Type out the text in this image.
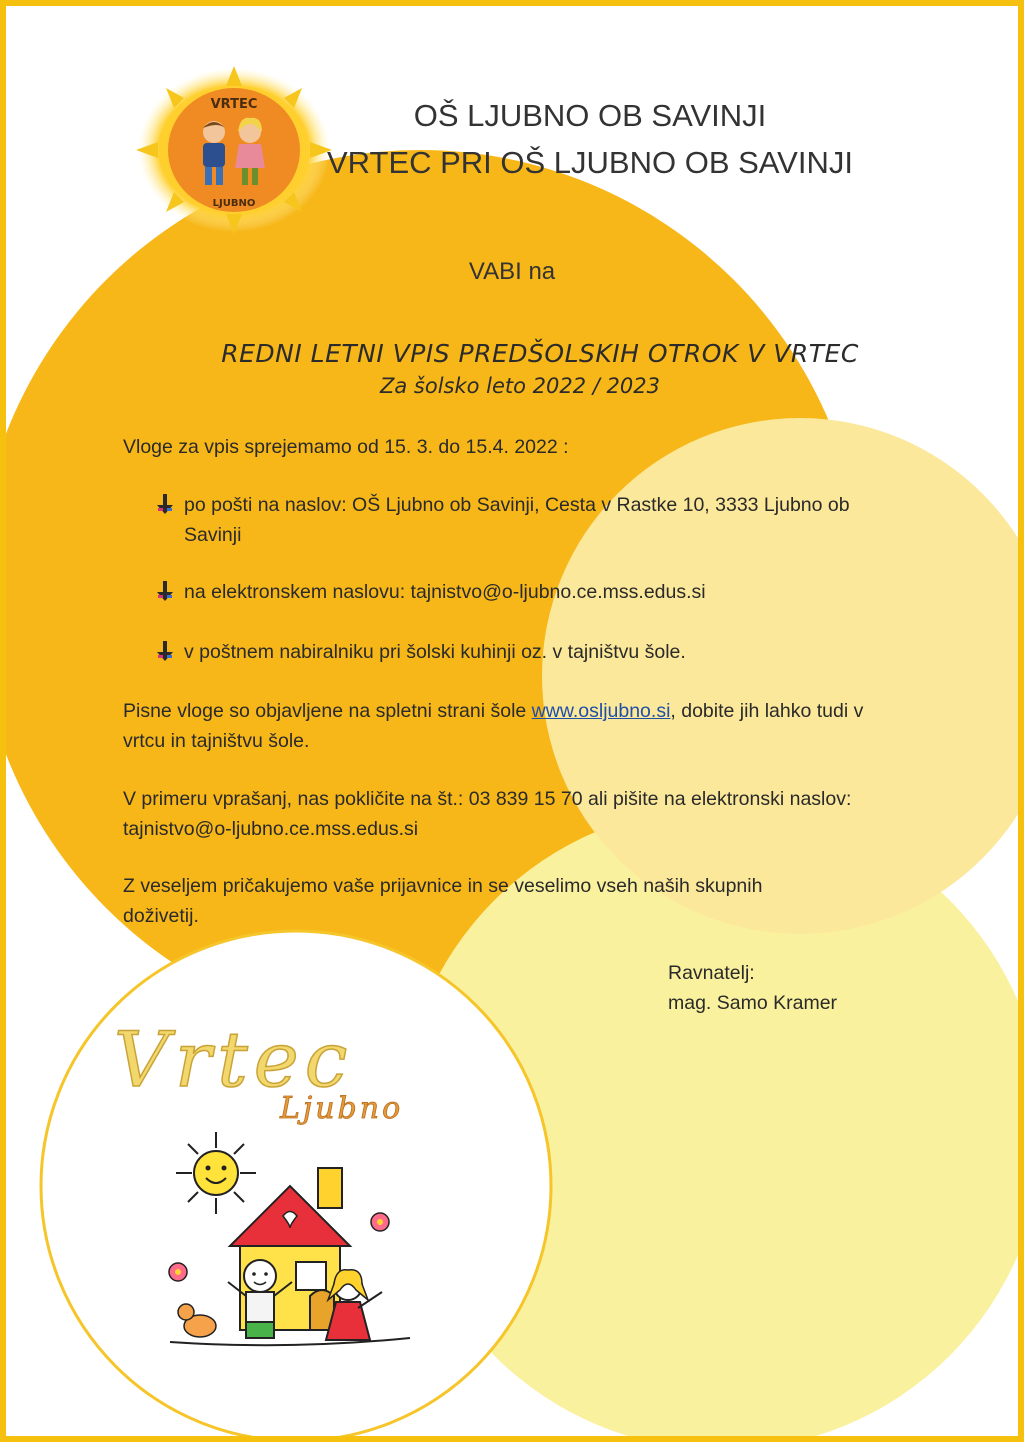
VRTEC
LJUBNO

OŠ LJUBNO OB SAVINJI

VRTEC PRI OŠ LJUBNO OB SAVINJI

VABI na

REDNI LETNI VPIS PREDŠOLSKIH OTROK V VRTEC

Za šolsko leto 2022 / 2023

Vloge za vpis sprejemamo od 15. 3. do 15.4. 2022 :

po pošti na naslov: OŠ Ljubno ob Savinji, Cesta v Rastke 10, 3333 Ljubno ob Savinji
na elektronskem naslovu: tajnistvo@o-ljubno.ce.mss.edus.si
v poštnem nabiralniku pri šolski kuhinji oz. v tajništvu šole.

Pisne vloge so objavljene na spletni strani šole www.osljubno.si, dobite jih lahko tudi v vrtcu in tajništvu šole.

V primeru vprašanj, nas pokličite na št.: 03 839 15 70 ali pišite na elektronski naslov: tajnistvo@o-ljubno.ce.mss.edus.si

Z veseljem pričakujemo vaše prijavnice in se veselimo vseh naših skupnih doživetij.

Ravnatelj:

mag. Samo Kramer

Vrtec
Ljubno
